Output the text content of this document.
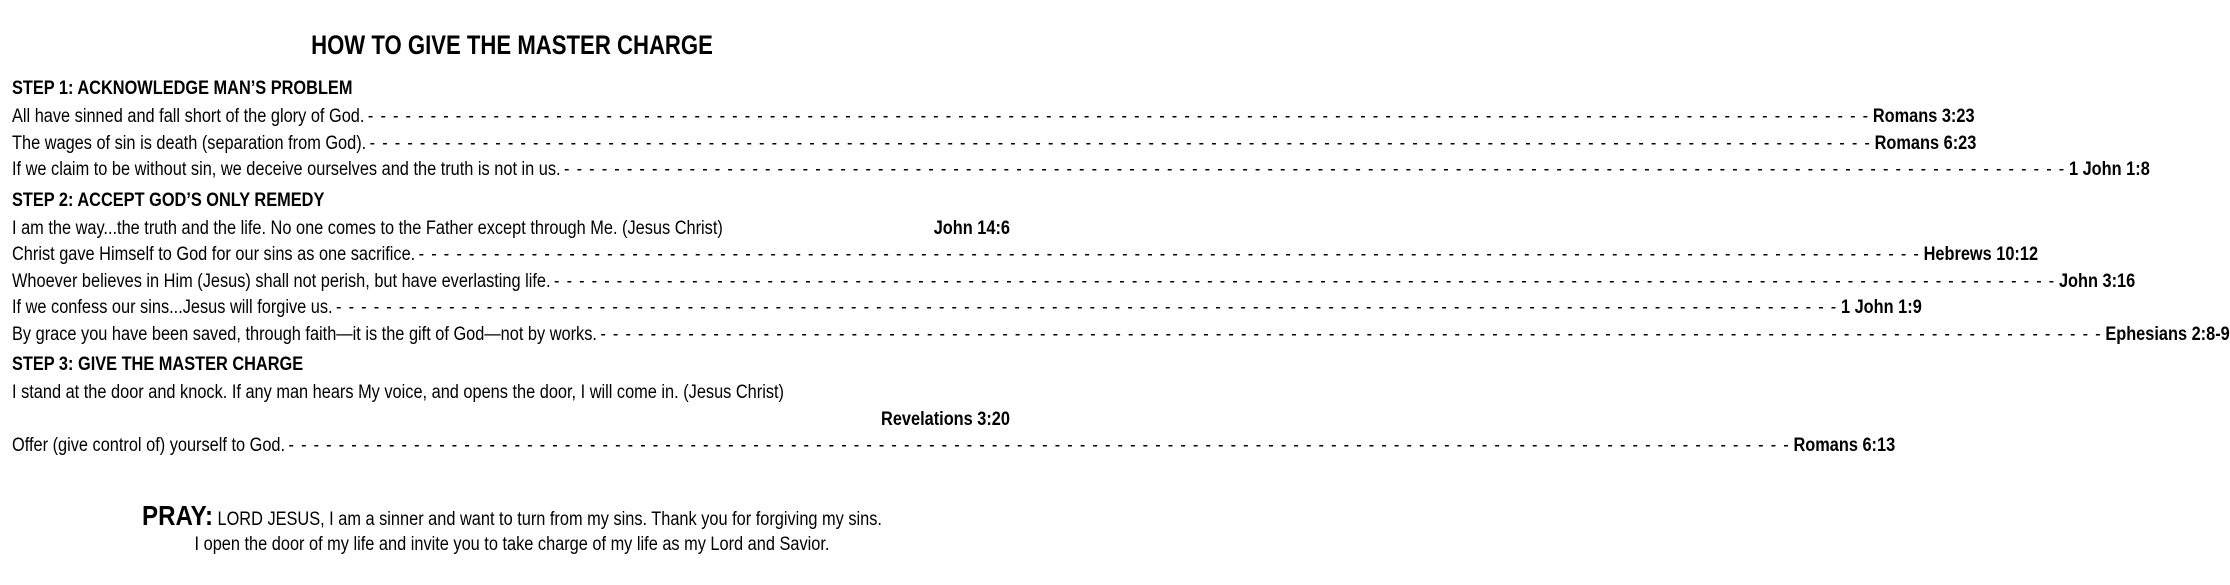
HOW TO GIVE THE MASTER CHARGE
STEP 1: ACKNOWLEDGE MAN’S PROBLEM
All have sinned and fall short of the glory of God. - - - - - - - - - - - - - - - - - - - - - - - - - - - - - - - - - - - - - - - - - - - - - - - - - - - - - - - - - - - - - - - - - - - - - - - - - - - - - - - - - - - - - - - - - - - - - - - - - - - - - - - - - - - - - - - - - - - - - - - - Romans 3:23
The wages of sin is death (separation from God). - - - - - - - - - - - - - - - - - - - - - - - - - - - - - - - - - - - - - - - - - - - - - - - - - - - - - - - - - - - - - - - - - - - - - - - - - - - - - - - - - - - - - - - - - - - - - - - - - - - - - - - - - - - - - - - - - - - - - - - - Romans 6:23
If we claim to be without sin, we deceive ourselves and the truth is not in us. - - - - - - - - - - - - - - - - - - - - - - - - - - - - - - - - - - - - - - - - - - - - - - - - - - - - - - - - - - - - - - - - - - - - - - - - - - - - - - - - - - - - - - - - - - - - - - - - - - - - - - - - - - - - - - - - - - - - - - - - 1 John 1:8
STEP 2: ACCEPT GOD’S ONLY REMEDY
I am the way...the truth and the life. No one comes to the Father except through Me. (Jesus Christ)	John 14:6
Christ gave Himself to God for our sins as one sacrifice. - - - - - - - - - - - - - - - - - - - - - - - - - - - - - - - - - - - - - - - - - - - - - - - - - - - - - - - - - - - - - - - - - - - - - - - - - - - - - - - - - - - - - - - - - - - - - - - - - - - - - - - - - - - - - - - - - - - - - - - - Hebrews 10:12
Whoever believes in Him (Jesus) shall not perish, but have everlasting life. - - - - - - - - - - - - - - - - - - - - - - - - - - - - - - - - - - - - - - - - - - - - - - - - - - - - - - - - - - - - - - - - - - - - - - - - - - - - - - - - - - - - - - - - - - - - - - - - - - - - - - - - - - - - - - - - - - - - - - - - John 3:16
If we confess our sins...Jesus will forgive us. - - - - - - - - - - - - - - - - - - - - - - - - - - - - - - - - - - - - - - - - - - - - - - - - - - - - - - - - - - - - - - - - - - - - - - - - - - - - - - - - - - - - - - - - - - - - - - - - - - - - - - - - - - - - - - - - - - - - - - - - 1 John 1:9
By grace you have been saved, through faith—it is the gift of God—not by works. - - - - - - - - - - - - - - - - - - - - - - - - - - - - - - - - - - - - - - - - - - - - - - - - - - - - - - - - - - - - - - - - - - - - - - - - - - - - - - - - - - - - - - - - - - - - - - - - - - - - - - - - - - - - - - - - - - - - - - - - Ephesians 2:8-9
STEP 3: GIVE THE MASTER CHARGE
I stand at the door and knock. If any man hears My voice, and opens the door, I will come in. (Jesus Christ)
Revelations 3:20
Offer (give control of) yourself to God. - - - - - - - - - - - - - - - - - - - - - - - - - - - - - - - - - - - - - - - - - - - - - - - - - - - - - - - - - - - - - - - - - - - - - - - - - - - - - - - - - - - - - - - - - - - - - - - - - - - - - - - - - - - - - - - - - - - - - - - - Romans 6:13
PRAY: LORD JESUS, I am a sinner and want to turn from my sins. Thank you for forgiving my sins.
I open the door of my life and invite you to take charge of my life as my Lord and Savior.
